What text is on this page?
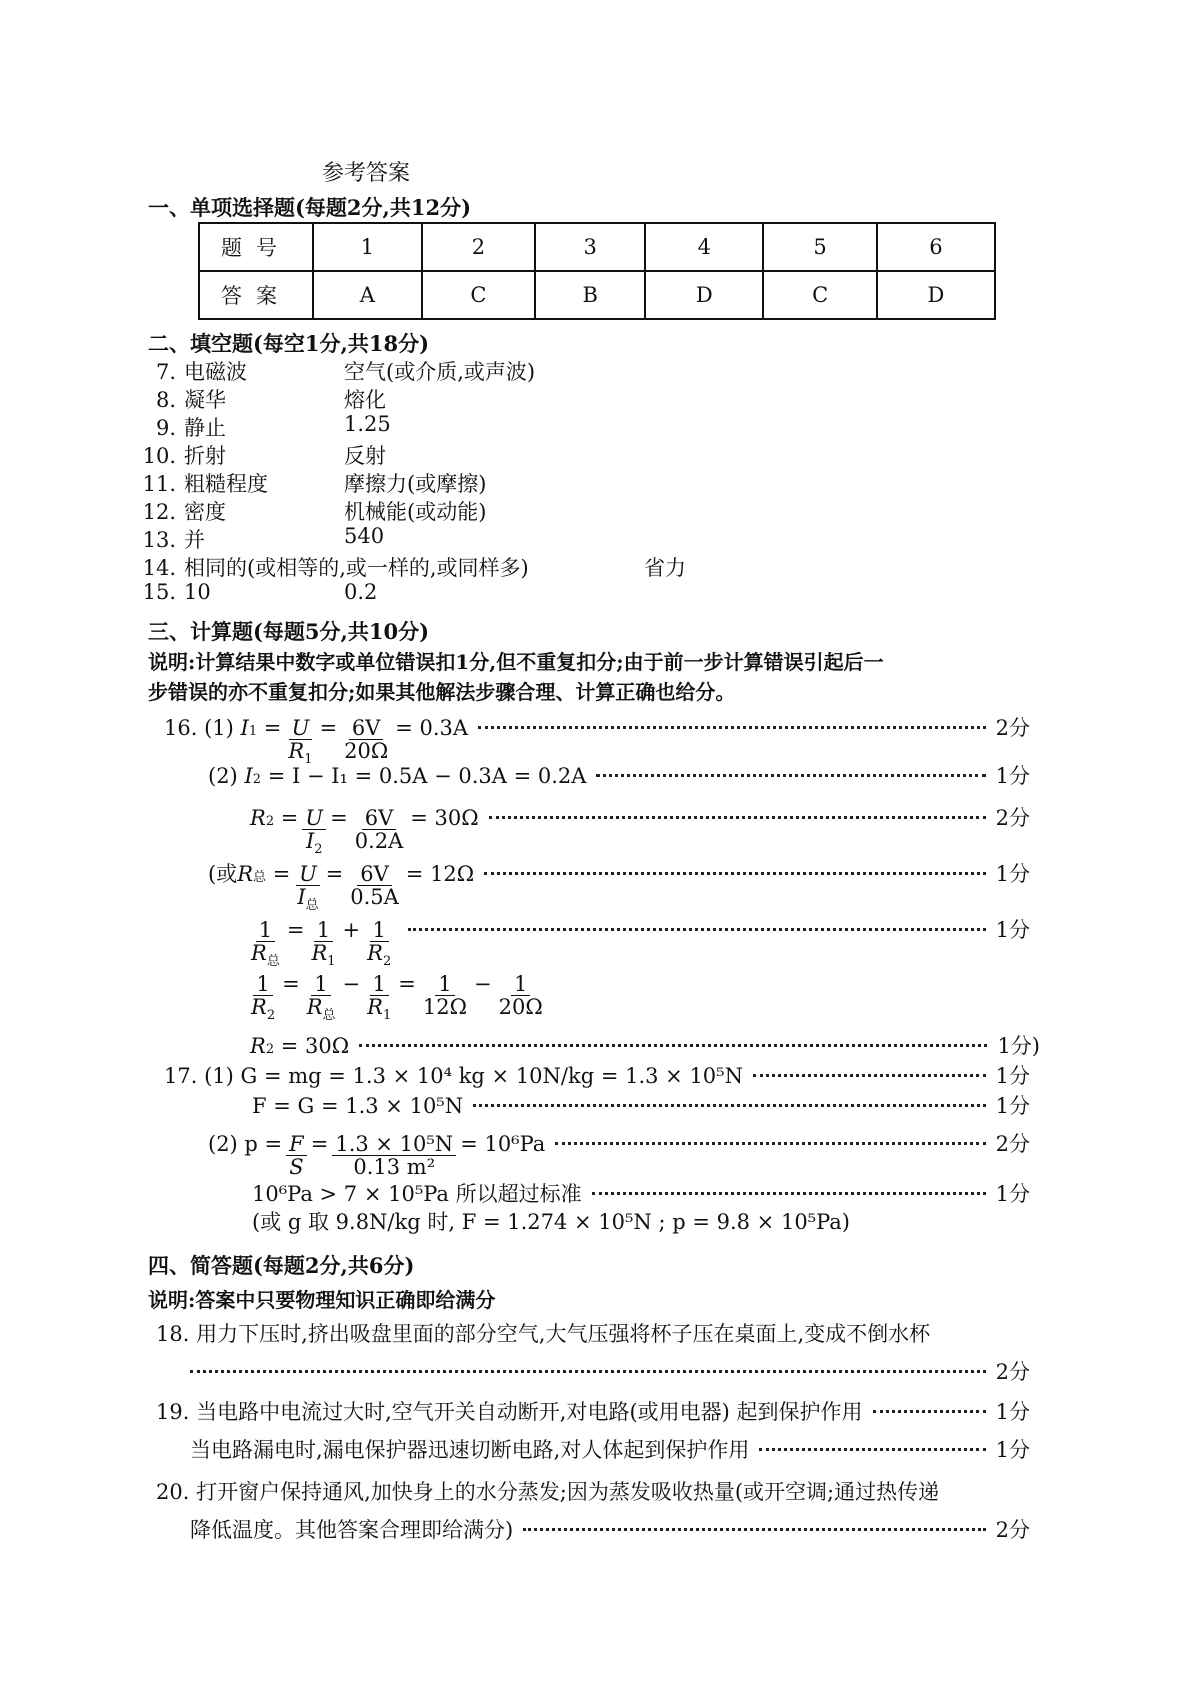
参考答案
一、单项选择题(每题2分,共12分)
题号	1	2	3	4	5	6
答案	A	C	B	D	C	D
二、填空题(每空1分,共18分)
7. 电磁波	空气(或介质,或声波)
8. 凝华	熔化
9. 静止	1.25
10. 折射	反射
11. 粗糙程度	摩擦力(或摩擦)
12. 密度	机械能(或动能)
13. 并	540
14. 相同的(或相等的,或一样的,或同样多)	省力
15. 10	0.2
三、计算题(每题5分,共10分)
说明:计算结果中数字或单位错误扣1分,但不重复扣分;由于前一步计算错误引起后一
步错误的亦不重复扣分;如果其他解法步骤合理、计算正确也给分。
16.
(1)
I $1 = \frac{U}{R_1} = \frac{6V}{20\Omega} = 0.3A$	2分
(2)
I 2
= I − I₁ = 0.5A − 0.3A = 0.2A	1分
R $2 = \frac{U}{I_2} = \frac{6V}{0.2A} = 30\Omega$	2分
(或 R 总 = $\frac{U}{I_总} = \frac{6V}{0.5A} = 12\Omega$	1分
$\frac{1}{R_总} = \frac{1}{R_1} + \frac{1}{R_2}$	1分
$\frac{1}{R_2} = \frac{1}{R_总} - \frac{1}{R_1} = \frac{1}{12\Omega} - \frac{1}{20\Omega}$
R 2
= 30Ω	1分)
17.
(1) G = mg = 1.3 × 10⁴ kg × 10N/kg = 1.3 × 10⁵N	1分
F = G = 1.3 × 10⁵N	1分
(2) $p = \frac{F}{S} = \frac{\text{1.3 × 10⁵N}}{\text{0.13 m²}} = 10^6Pa$	2分
10⁶Pa > 7 × 10⁵Pa 所以超过标准	1分
(或 g 取 9.8N/kg 时, F = 1.274 × 10⁵N ; p = 9.8 × 10⁵Pa)
四、简答题(每题2分,共6分)
说明:答案中只要物理知识正确即给满分
18. 用力下压时,挤出吸盘里面的部分空气,大气压强将杯子压在桌面上,变成不倒水杯
2分
19.
当电路中电流过大时,空气开关自动断开,对电路(或用电器) 起到保护作用	1分
当电路漏电时,漏电保护器迅速切断电路,对人体起到保护作用	1分
20. 打开窗户保持通风,加快身上的水分蒸发;因为蒸发吸收热量(或开空调;通过热传递
降低温度。其他答案合理即给满分)	2分
